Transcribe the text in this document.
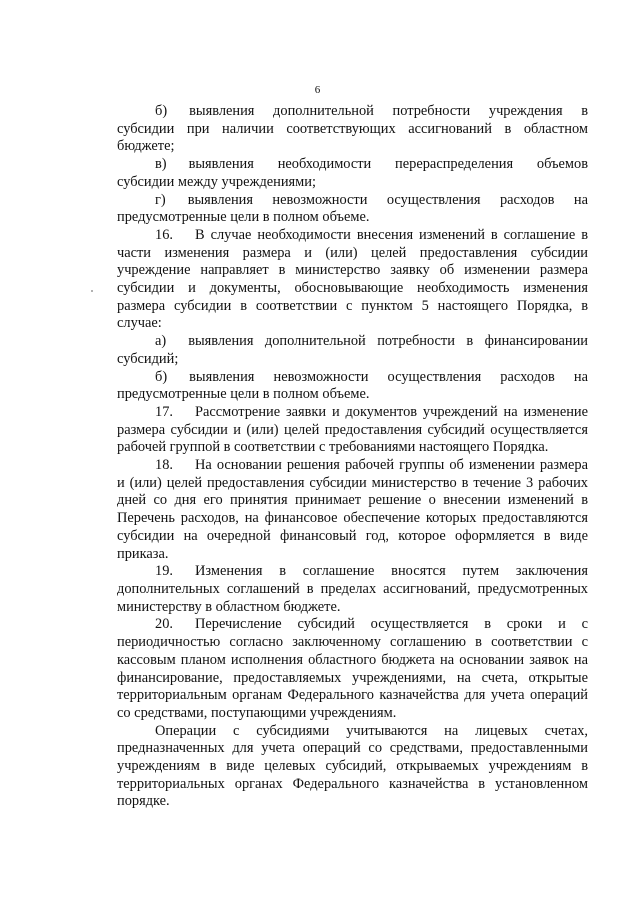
6

б) выявления дополнительной потребности учреждения в субсидии при наличии соответствующих ассигнований в областном бюджете;

в) выявления необходимости перераспределения объемов субсидии между учреждениями;

г) выявления невозможности осуществления расходов на предусмотренные цели в полном объеме.

16. В случае необходимости внесения изменений в соглашение в части изменения размера и (или) целей предоставления субсидии учреждение направляет в министерство заявку об изменении размера субсидии и документы, обосновывающие необходимость изменения размера субсидии в соответствии с пунктом 5 настоящего Порядка, в случае:

а) выявления дополнительной потребности в финансировании субсидий;

б) выявления невозможности осуществления расходов на предусмотренные цели в полном объеме.

17. Рассмотрение заявки и документов учреждений на изменение размера субсидии и (или) целей предоставления субсидий осуществляется рабочей группой в соответствии с требованиями настоящего Порядка.

18. На основании решения рабочей группы об изменении размера и (или) целей предоставления субсидии министерство в течение 3 рабочих дней со дня его принятия принимает решение о внесении изменений в Перечень расходов, на финансовое обеспечение которых предоставляются субсидии на очередной финансовый год, которое оформляется в виде приказа.

19. Изменения в соглашение вносятся путем заключения дополнительных соглашений в пределах ассигнований, предусмотренных министерству в областном бюджете.

20. Перечисление субсидий осуществляется в сроки и с периодичностью согласно заключенному соглашению в соответствии с кассовым планом исполнения областного бюджета на основании заявок на финансирование, предоставляемых учреждениями, на счета, открытые территориальным органам Федерального казначейства для учета операций со средствами, поступающими учреждениям.

Операции с субсидиями учитываются на лицевых счетах, предназначенных для учета операций со средствами, предоставленными учреждениям в виде целевых субсидий, открываемых учреждениям в территориальных органах Федерального казначейства в установленном порядке.
